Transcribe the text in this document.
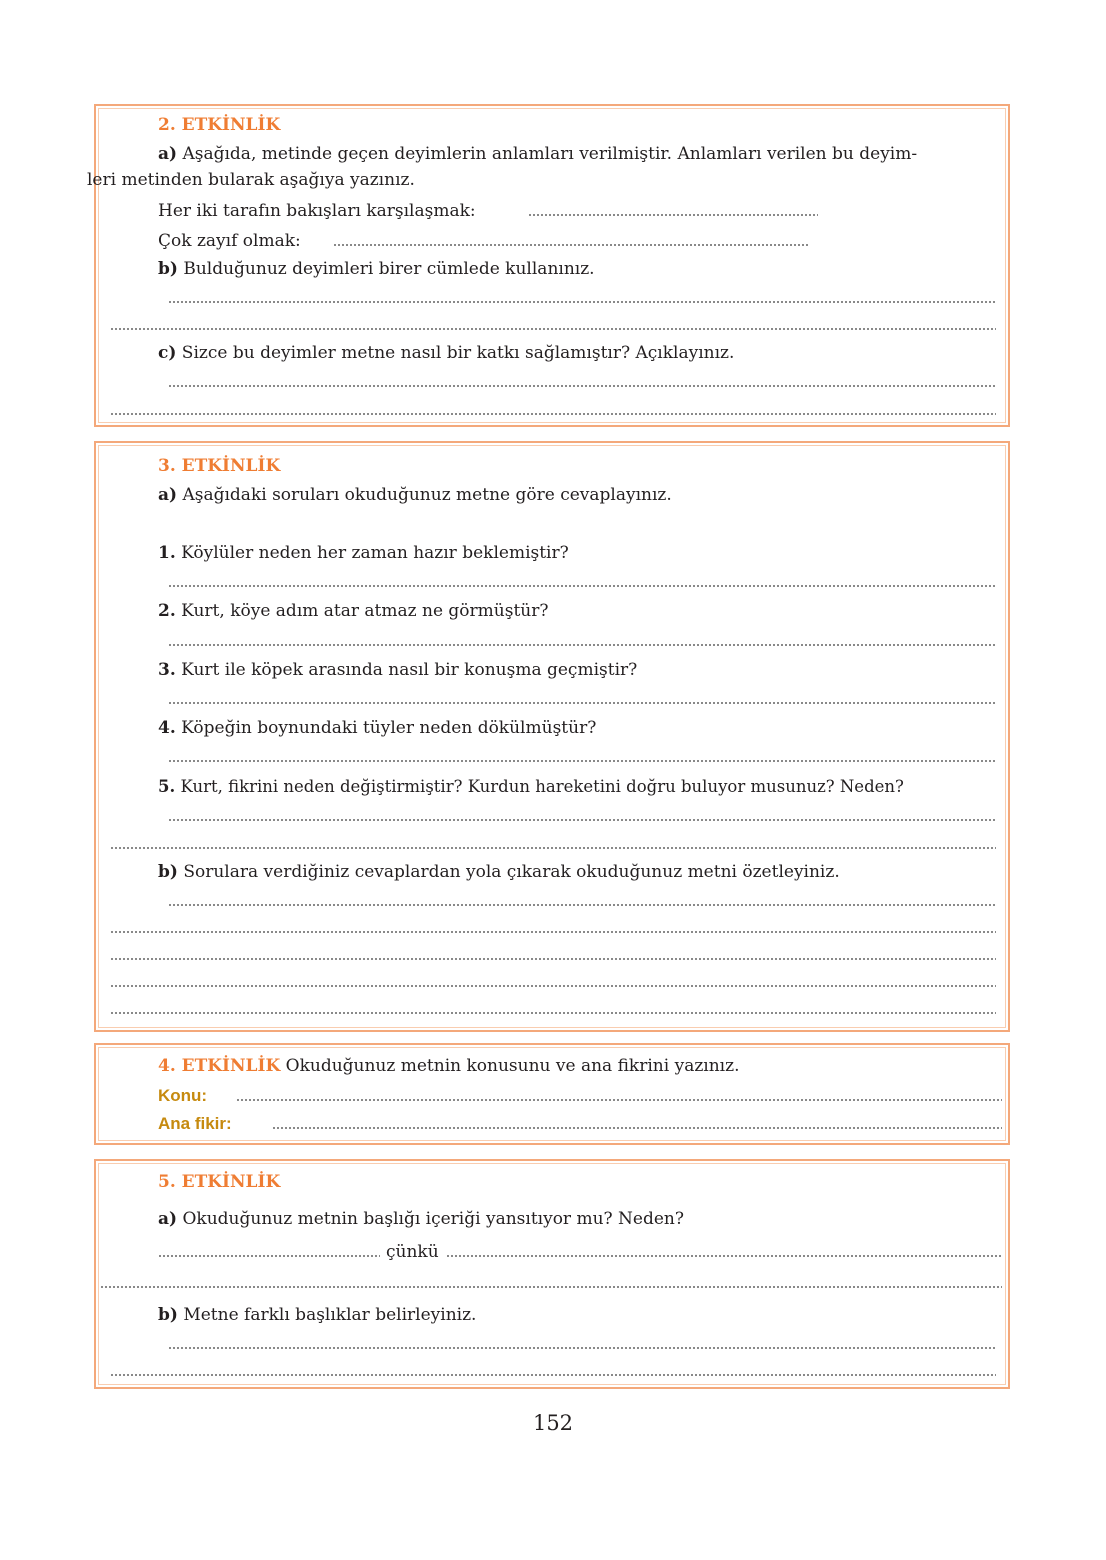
2. ETKİNLİK
a) Aşağıda, metinde geçen deyimlerin anlamları verilmiştir. Anlamları verilen bu deyim-
leri metinden bularak aşağıya yazınız.
Her iki tarafın bakışları karşılaşmak:
Çok zayıf olmak:
b) Bulduğunuz deyimleri birer cümlede kullanınız.
c) Sizce bu deyimler metne nasıl bir katkı sağlamıştır? Açıklayınız.
3. ETKİNLİK
a) Aşağıdaki soruları okuduğunuz metne göre cevaplayınız.
1. Köylüler neden her zaman hazır beklemiştir?
2. Kurt, köye adım atar atmaz ne görmüştür?
3. Kurt ile köpek arasında nasıl bir konuşma geçmiştir?
4. Köpeğin boynundaki tüyler neden dökülmüştür?
5. Kurt, fikrini neden değiştirmiştir? Kurdun hareketini doğru buluyor musunuz? Neden?
b) Sorulara verdiğiniz cevaplardan yola çıkarak okuduğunuz metni özetleyiniz.
4. ETKİNLİK Okuduğunuz metnin konusunu ve ana fikrini yazınız.
Konu:
Ana fikir:
5. ETKİNLİK
a) Okuduğunuz metnin başlığı içeriği yansıtıyor mu? Neden?
çünkü
b) Metne farklı başlıklar belirleyiniz.
152
